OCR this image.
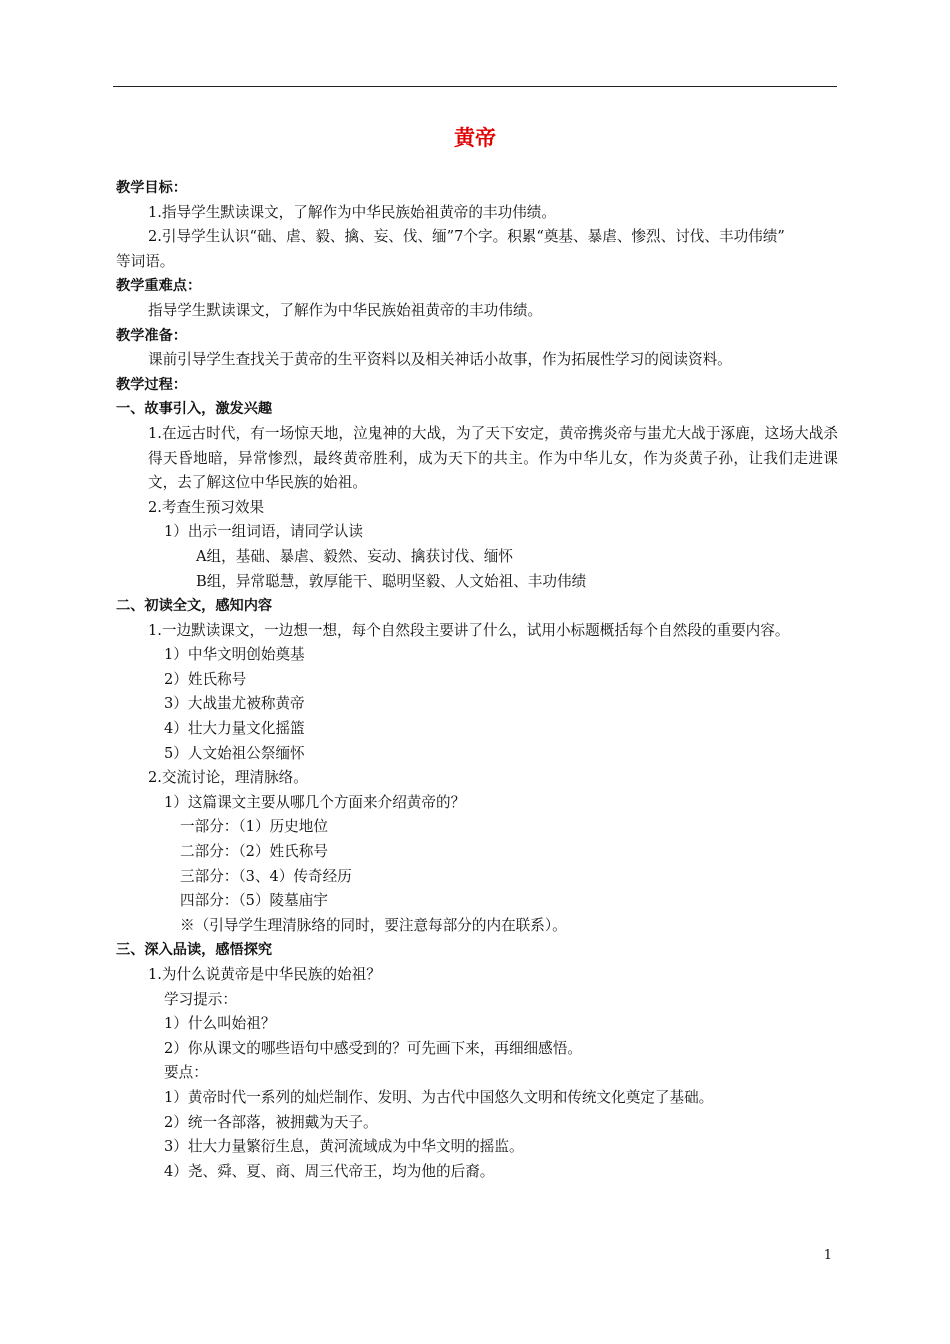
黄帝
教学目标：
1.指导学生默读课文，了解作为中华民族始祖黄帝的丰功伟绩。
2.引导学生认识“础、虐、毅、擒、妄、伐、缅”7个字。积累“奠基、暴虐、惨烈、讨伐、丰功伟绩”
等词语。
教学重难点：
指导学生默读课文，了解作为中华民族始祖黄帝的丰功伟绩。
教学准备：
课前引导学生查找关于黄帝的生平资料以及相关神话小故事，作为拓展性学习的阅读资料。
教学过程：
一、故事引入，激发兴趣
1.在远古时代，有一场惊天地，泣鬼神的大战，为了天下安定，黄帝携炎帝与蚩尤大战于涿鹿，这场大战杀得天昏地暗，异常惨烈，最终黄帝胜利，成为天下的共主。作为中华儿女，作为炎黄子孙，让我们走进课文，去了解这位中华民族的始祖。
2.考查生预习效果
1）出示一组词语，请同学认读
A组，基础、暴虐、毅然、妄动、擒获讨伐、缅怀
B组，异常聪慧，敦厚能干、聪明坚毅、人文始祖、丰功伟绩
二、初读全文，感知内容
1.一边默读课文，一边想一想，每个自然段主要讲了什么，试用小标题概括每个自然段的重要内容。
1）中华文明创始奠基
2）姓氏称号
3）大战蚩尤被称黄帝
4）壮大力量文化摇篮
5）人文始祖公祭缅怀
2.交流讨论，理清脉络。
1）这篇课文主要从哪几个方面来介绍黄帝的？
一部分：（1）历史地位
二部分：（2）姓氏称号
三部分：（3、4）传奇经历
四部分：（5）陵墓庙宇
※（引导学生理清脉络的同时，要注意每部分的内在联系）。
三、深入品读，感悟探究
1.为什么说黄帝是中华民族的始祖？
学习提示：
1）什么叫始祖？
2）你从课文的哪些语句中感受到的？可先画下来，再细细感悟。
要点：
1）黄帝时代一系列的灿烂制作、发明、为古代中国悠久文明和传统文化奠定了基础。
2）统一各部落，被拥戴为天子。
3）壮大力量繁衍生息，黄河流域成为中华文明的摇监。
4）尧、舜、夏、商、周三代帝王，均为他的后裔。
1
